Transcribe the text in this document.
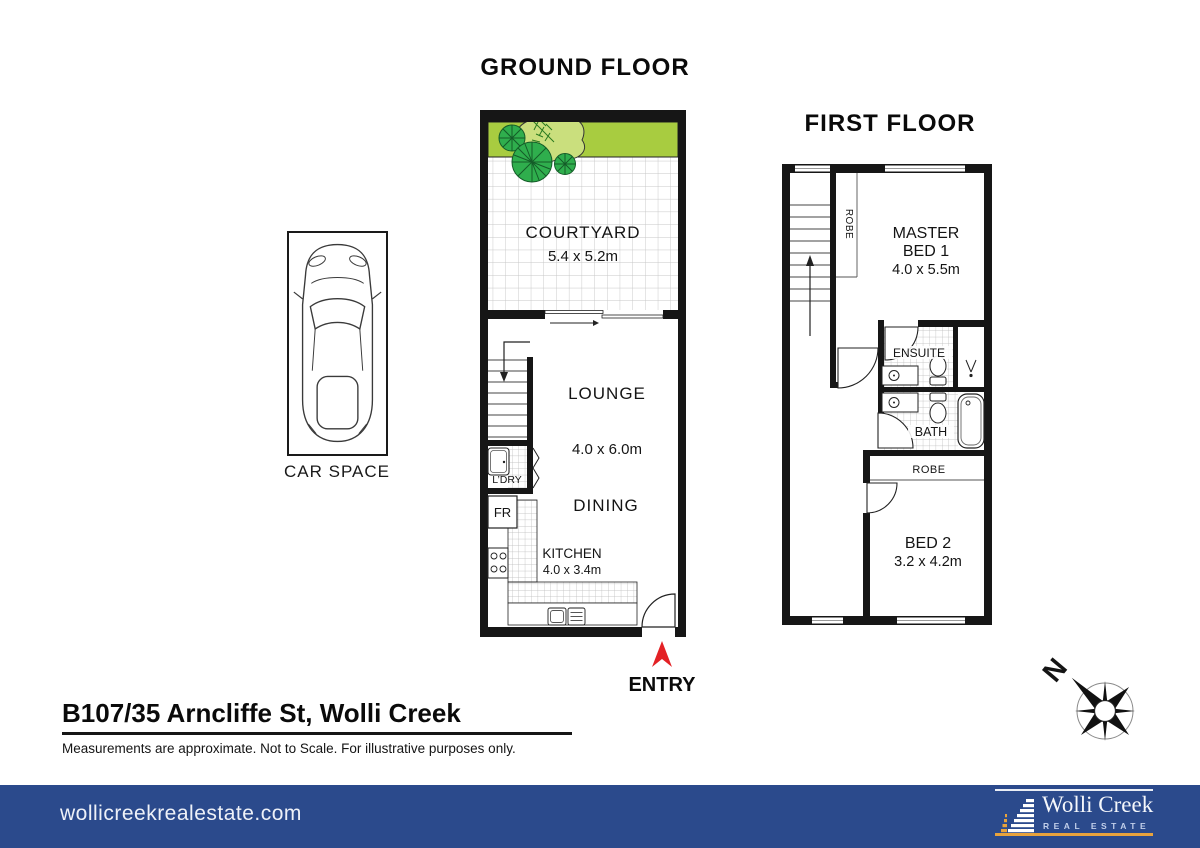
GROUND FLOOR
FIRST FLOOR
CAR SPACE
COURTYARD
5.4 x 5.2m
LOUNGE
4.0 x 6.0m
DINING
KITCHEN
4.0 x 3.4m
L’DRY
FR
ENTRY
ROBE
ENSUITE
BATH
ROBE
MASTER
BED 1
4.0 x 5.5m
BED 2
3.2 x 4.2m
N
B107/35 Arncliffe St, Wolli Creek
Measurements are approximate. Not to Scale. For illustrative purposes only.
wollicreekrealestate.com	Wolli Creek
REAL ESTATE
